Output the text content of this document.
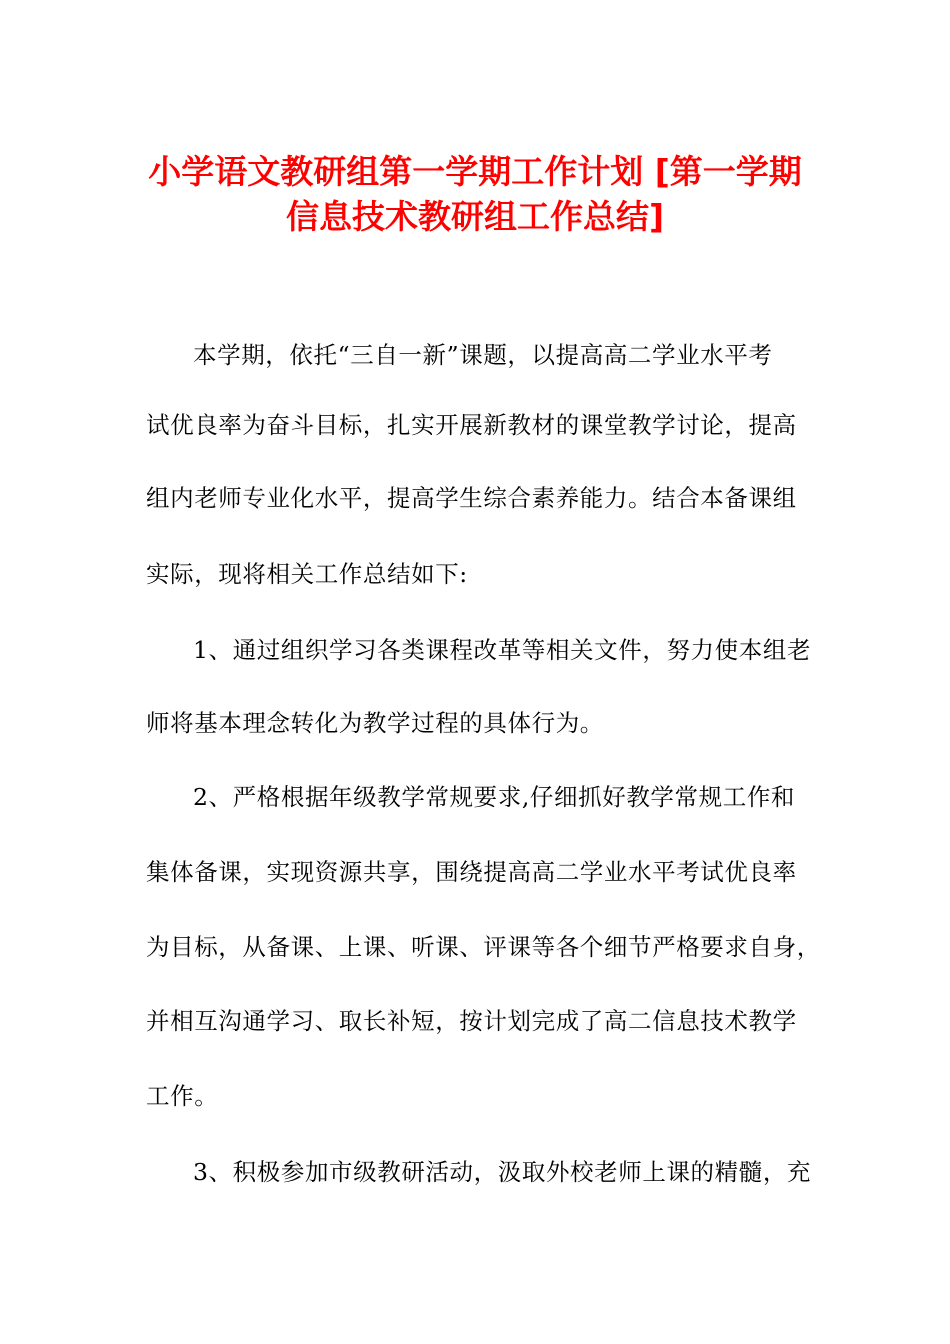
小学语文教研组第一学期工作计划 [第一学期
信息技术教研组工作总结]
本学期，依托“三自一新”课题，以提高高二学业水平考
试优良率为奋斗目标，扎实开展新教材的课堂教学讨论，提高
组内老师专业化水平，提高学生综合素养能力。结合本备课组
实际，现将相关工作总结如下:
1、通过组织学习各类课程改革等相关文件，努力使本组老
师将基本理念转化为教学过程的具体行为。
2、严格根据年级教学常规要求,仔细抓好教学常规工作和
集体备课，实现资源共享，围绕提高高二学业水平考试优良率
为目标，从备课、上课、听课、评课等各个细节严格要求自身，
并相互沟通学习、取长补短，按计划完成了高二信息技术教学
工作。
3、积极参加市级教研活动，汲取外校老师上课的精髓，充
